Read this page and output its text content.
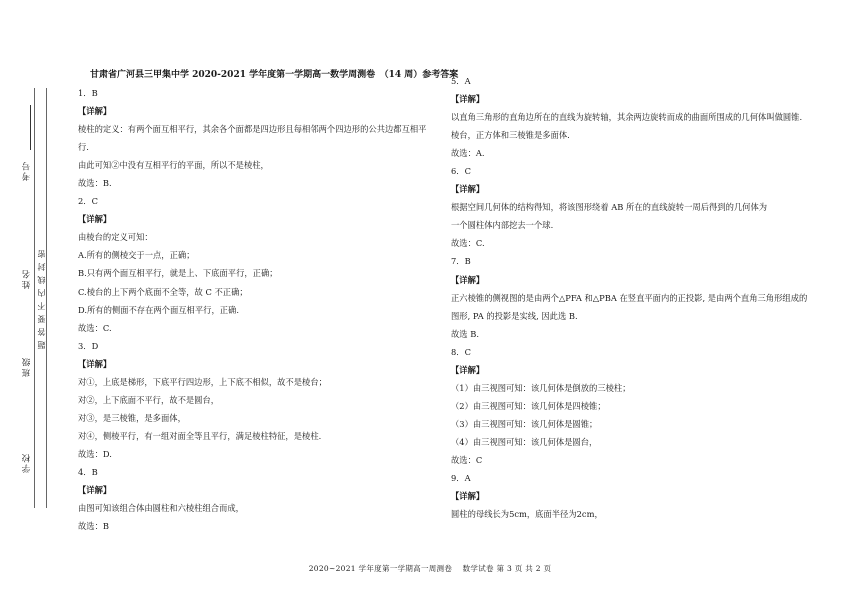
考号
姓名
班级
学校
题答要不内线封密
甘肃省广河县三甲集中学 2020-2021 学年度第一学期高一数学周测卷　（14 周）参考答案
1．B
【详解】
棱柱的定义：有两个面互相平行，其余各个面都是四边形且每相邻两个四边形的公共边都互相平
行.
由此可知②中没有互相平行的平面，所以不是棱柱，
故选：B.
2．C
【详解】
由棱台的定义可知：
A.所有的侧棱交于一点，正确；
B.只有两个面互相平行，就是上、下底面平行，正确；
C.棱台的上下两个底面不全等，故 C 不正确；
D.所有的侧面不存在两个面互相平行，正确.
故选：C.
3．D
【详解】
对①，上底是梯形，下底平行四边形，上下底不相似，故不是棱台；
对②，上下底面不平行，故不是圆台，
对③，是三棱锥，是多面体，
对④，侧棱平行，有一组对面全等且平行，满足棱柱特征，是棱柱.
故选：D.
4．B
【详解】
由图可知该组合体由圆柱和六棱柱组合而成，
故选：B
5．A
【详解】
以直角三角形的直角边所在的直线为旋转轴，其余两边旋转而成的曲面所围成的几何体叫做圆锥.
棱台，正方体和三棱锥是多面体.
故选：A.
6．C
【详解】
根据空间几何体的结构得知，将该图形绕着 AB 所在的直线旋转一周后得到的几何体为
一个圆柱体内部挖去一个球.
故选：C.
7．B
【详解】
正六棱锥的侧视图的是由两个△PFA 和△PBA 在竖直平面内的正投影, 是由两个直角三角形组成的
图形, PA 的投影是实线, 因此选 B.
故选 B.
8．C
【详解】
（1）由三视图可知：该几何体是倒放的三棱柱；
（2）由三视图可知：该几何体是四棱锥；
（3）由三视图可知：该几何体是圆锥；
（4）由三视图可知：该几何体是圆台，
故选：C
9．A
【详解】
圆柱的母线长为5cm，底面半径为2cm，
2020~2021 学年度第一学期高一周测卷　 数学试卷 第 3 页 共 2 页
